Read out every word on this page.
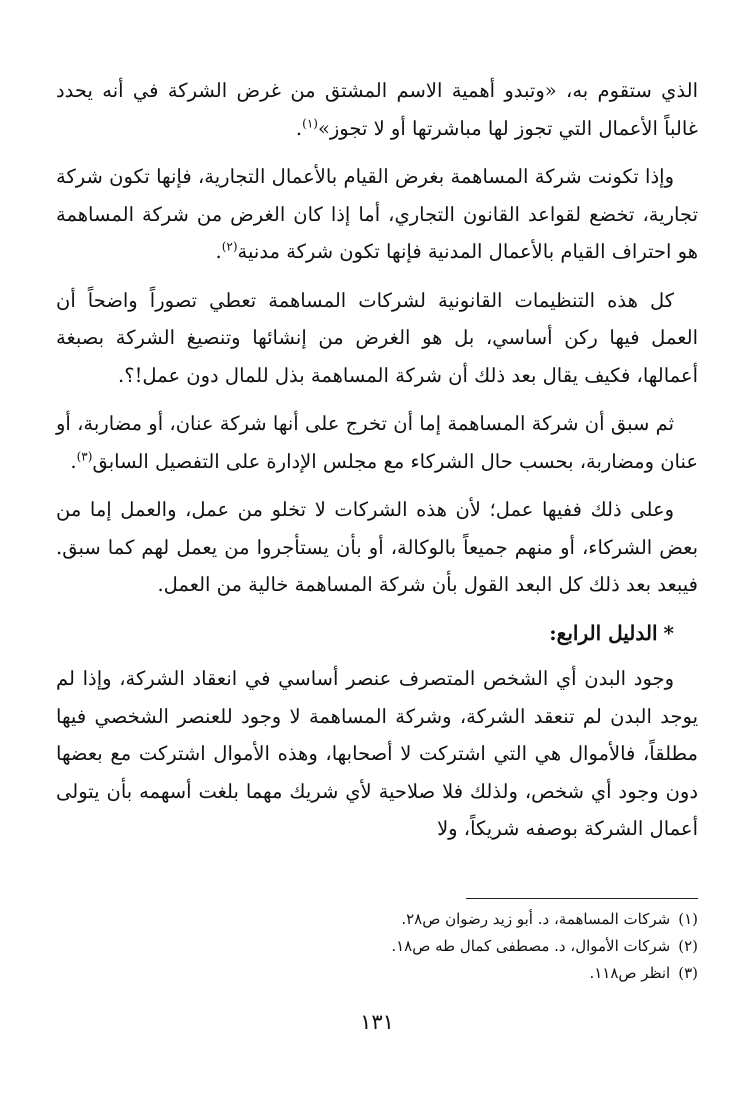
الذي ستقوم به، «وتبدو أهمية الاسم المشتق من غرض الشركة في أنه يحدد غالباً الأعمال التي تجوز لها مباشرتها أو لا تجوز»$^{(١)}$.

وإذا تكونت شركة المساهمة بغرض القيام بالأعمال التجارية، فإنها تكون شركة تجارية، تخضع لقواعد القانون التجاري، أما إذا كان الغرض من شركة المساهمة هو احتراف القيام بالأعمال المدنية فإنها تكون شركة مدنية$^{(٢)}$.

كل هذه التنظيمات القانونية لشركات المساهمة تعطي تصوراً واضحاً أن العمل فيها ركن أساسي، بل هو الغرض من إنشائها وتنصيغ الشركة بصبغة أعمالها، فكيف يقال بعد ذلك أن شركة المساهمة بذل للمال دون عمل!؟.

ثم سبق أن شركة المساهمة إما أن تخرج على أنها شركة عنان، أو مضاربة، أو عنان ومضاربة، بحسب حال الشركاء مع مجلس الإدارة على التفصيل السابق$^{(٣)}$.

وعلى ذلك ففيها عمل؛ لأن هذه الشركات لا تخلو من عمل، والعمل إما من بعض الشركاء، أو منهم جميعاً بالوكالة، أو بأن يستأجروا من يعمل لهم كما سبق. فيبعد بعد ذلك كل البعد القول بأن شركة المساهمة خالية من العمل.

*الدليل الرابع:

وجود البدن أي الشخص المتصرف عنصر أساسي في انعقاد الشركة، وإذا لم يوجد البدن لم تنعقد الشركة، وشركة المساهمة لا وجود للعنصر الشخصي فيها مطلقاً، فالأموال هي التي اشتركت لا أصحابها، وهذه الأموال اشتركت مع بعضها دون وجود أي شخص، ولذلك فلا صلاحية لأي شريك مهما بلغت أسهمه بأن يتولى أعمال الشركة بوصفه شريكاً، ولا

(١)شركات المساهمة، د. أبو زيد رضوان ص٢٨.
(٢)شركات الأموال، د. مصطفى كمال طه ص١٨.
(٣)انظر ص١١٨.
١٣١
